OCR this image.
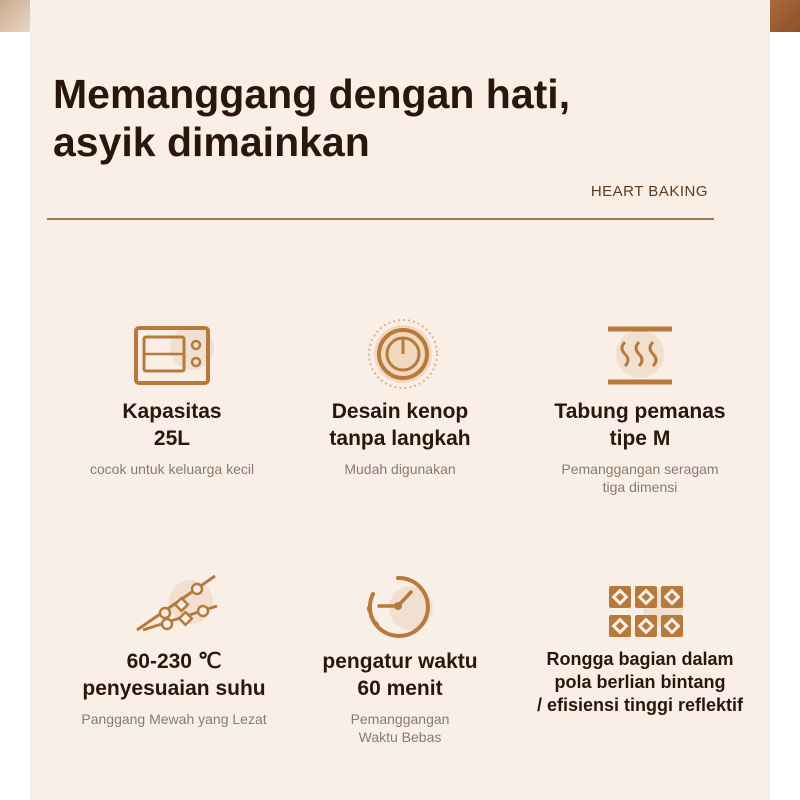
Memanggang dengan hati,
asyik dimainkan
HEART BAKING
Kapasitas
25L
cocok untuk keluarga kecil
Desain kenop
tanpa langkah
Mudah digunakan
Tabung pemanas
tipe M
Pemanggangan seragam
tiga dimensi
60-230 ℃
penyesuaian suhu
Panggang Mewah yang Lezat
pengatur waktu
60 menit
Pemanggangan
Waktu Bebas
Rongga bagian dalam
pola berlian bintang
/ efisiensi tinggi reflektif
